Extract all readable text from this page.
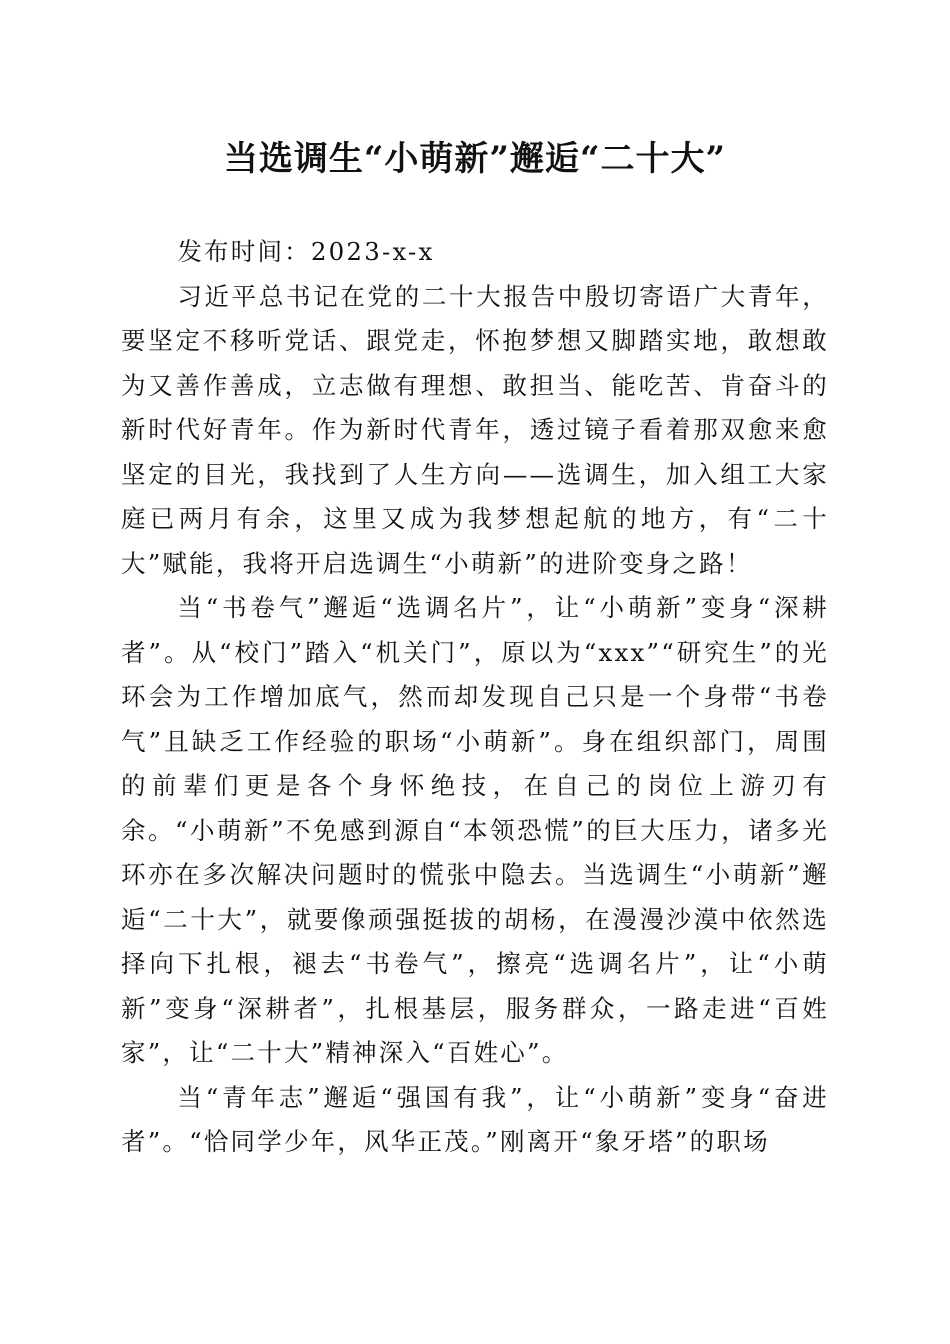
当选调生“小萌新”邂逅“二十大”
发布时间：2023-x-x

习近平总书记在党的二十大报告中殷切寄语广大青年，要坚定不移听党话、跟党走，怀抱梦想又脚踏实地，敢想敢为又善作善成，立志做有理想、敢担当、能吃苦、肯奋斗的新时代好青年。作为新时代青年，透过镜子看着那双愈来愈坚定的目光，我找到了人生方向——选调生，加入组工大家庭已两月有余，这里又成为我梦想起航的地方，有“二十大”赋能，我将开启选调生“小萌新”的进阶变身之路！

当“书卷气”邂逅“选调名片”，让“小萌新”变身“深耕者”。从“校门”踏入“机关门”，原以为“xxx”“研究生”的光环会为工作增加底气，然而却发现自己只是一个身带“书卷气”且缺乏工作经验的职场“小萌新”。身在组织部门，周围的前辈们更是各个身怀绝技，在自己的岗位上游刃有余。“小萌新”不免感到源自“本领恐慌”的巨大压力，诸多光环亦在多次解决问题时的慌张中隐去。当选调生“小萌新”邂逅“二十大”，就要像顽强挺拔的胡杨，在漫漫沙漠中依然选择向下扎根，褪去“书卷气”，擦亮“选调名片”，让“小萌新”变身“深耕者”，扎根基层，服务群众，一路走进“百姓家”，让“二十大”精神深入“百姓心”。

当“青年志”邂逅“强国有我”，让“小萌新”变身“奋进者”。“恰同学少年，风华正茂。”刚离开“象牙塔”的职场
